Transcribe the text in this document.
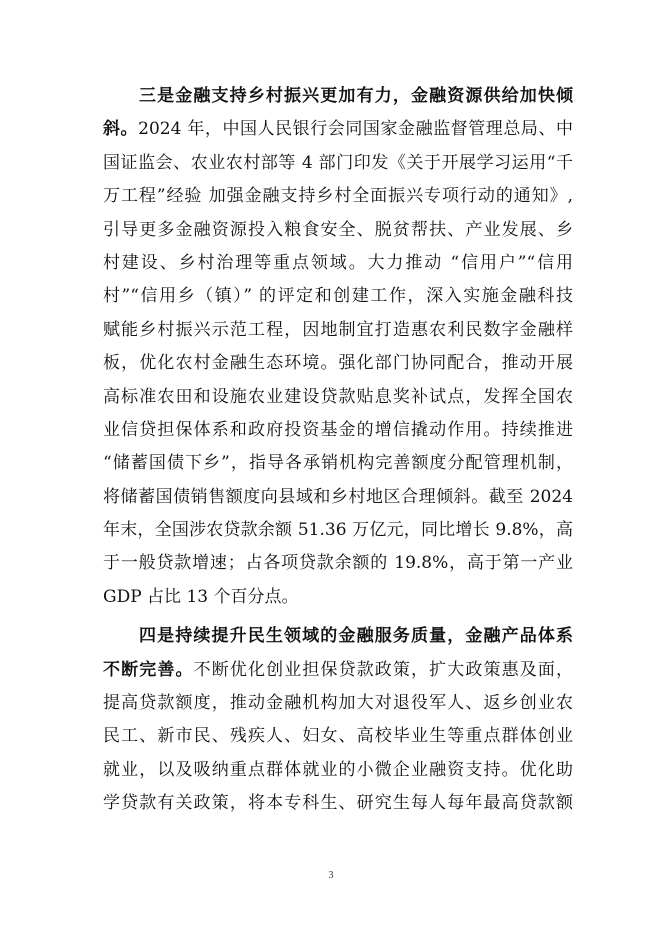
三是金融支持乡村振兴更加有力，金融资源供给加快倾
斜。2024 年，中国人民银行会同国家金融监督管理总局、中
国证监会、农业农村部等 4 部门印发《关于开展学习运用“千
万工程”经验 加强金融支持乡村全面振兴专项行动的通知》,
引导更多金融资源投入粮食安全、脱贫帮扶、产业发展、乡
村建设、乡村治理等重点领域。大力推动 “信用户”“信用
村”“信用乡（镇）” 的评定和创建工作，深入实施金融科技
赋能乡村振兴示范工程，因地制宜打造惠农利民数字金融样
板，优化农村金融生态环境。强化部门协同配合，推动开展
高标准农田和设施农业建设贷款贴息奖补试点，发挥全国农
业信贷担保体系和政府投资基金的增信撬动作用。持续推进
“储蓄国债下乡”，指导各承销机构完善额度分配管理机制，
将储蓄国债销售额度向县域和乡村地区合理倾斜。截至 2024
年末，全国涉农贷款余额 51.36 万亿元，同比增长 9.8%，高
于一般贷款增速；占各项贷款余额的 19.8%，高于第一产业
GDP 占比 13 个百分点。
四是持续提升民生领域的金融服务质量，金融产品体系
不断完善。不断优化创业担保贷款政策，扩大政策惠及面，
提高贷款额度，推动金融机构加大对退役军人、返乡创业农
民工、新市民、残疾人、妇女、高校毕业生等重点群体创业
就业，以及吸纳重点群体就业的小微企业融资支持。优化助
学贷款有关政策，将本专科生、研究生每人每年最高贷款额
3
